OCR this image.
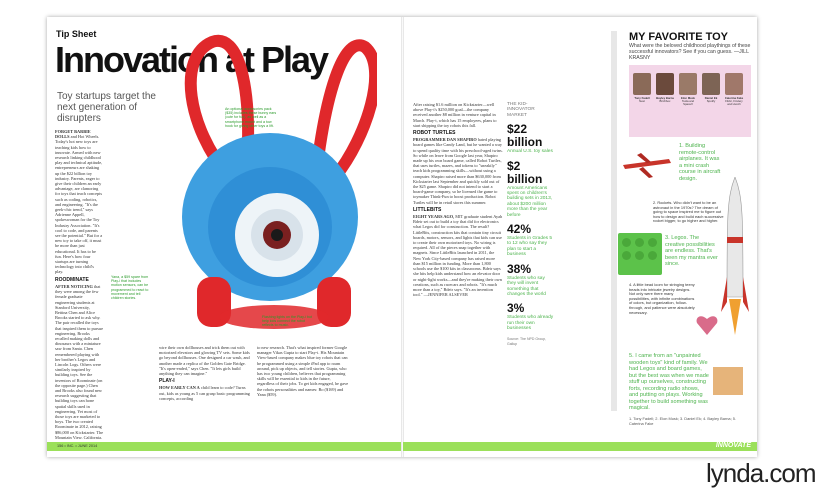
Tip Sheet
Innovation at Play
Toy startups target the next generation of disrupters
FORGET BARBIE DOLLS and Hot Wheels. Today's hot new toys are teaching kids how to innovate. Armed with new research linking childhood play and technical aptitude, entrepreneurs are shaking up the $22 billion toy industry. Parents, eager to give their children an early advantage, are clamoring for toys that teach concepts such as coding, robotics, and engineering. "It's the geek-chic trend," says Adrienne Appell, spokeswoman for the Toy Industry Association. "It's cool to code, and parents see the potential." But for a new toy to take off, it must be more than just educational. It has to be fun. Here's how four startups are turning technology into child's play.
ROODMINATE
AFTER NOTICING that they were among the few female graduate engineering students at Stanford University, Bettina Chen and Alice Brooks started to ask why. The pair recalled the toys that inspired them to pursue engineering. Brooks recalled making dolls and dinosaurs with a miniature saw from Santa. Chen remembered playing with her brother's Legos and Lincoln Logs. Others were similarly inspired by building toys. See the inventors of Roominate (on the opposite page.) Chen and Brooks also found new research suggesting that building toys can hone spatial skills used in engineering. Yet most of those toys are marketed to boys. The two created Roominate in 2012, raising $86,000 on Kickstarter. The Mountain View, California,
wire their own dollhouses and trick them out with motorized elevators and glowing TV sets. Some kids go beyond dollhouses. One designed a car wash, and another made a replica of the Golden Gate Bridge. "It's open-ended," says Chen. "It lets girls build anything they can imagine."
PLAY-I
HOW EARLY CAN A child learn to code? Turns out, kids as young as 5 can grasp basic programming concepts, according
to new research. That's what inspired former Google manager Vikas Gupta to start Play-i. His Mountain View-based company makes blue toy robots that can be programmed using a simple iPad app to roam around, pick up objects, and tell stories. Gupta, who has two young children, believes that programming skills will be essential to kids in the future, regardless of their jobs. To get kids engaged, he gave the robots personalities and names: Bo ($169) and Yana ($59).
An optional accessories pack ($35) includes these bunny ears (cute for fun), as well as a smartphone mount and a tow hook for giving other toys a lift.
Yana, a $59 spare from Play-i that includes motion sensors, can be programmed to react to movement and tell children stories.
Flashing lights on the Play-i bot help kids connect the robot reflects to music.
156 • INC. • JUNE 2014
After raising $1.6 million on Kickstarter—well above Play-i's $250,000 goal—the company received another $8 million in venture capital in March. Play-i, which has 15 employees, plans to start shipping the toy robots this fall.
ROBOT TURTLES
PROGRAMMER DAN SHAPIRO hated playing board games like Candy Land, but he wanted a way to spend quality time with his preschool-aged twins. So while on leave from Google last year, Shapiro made up his own board game, called Robot Turtles, that uses turtles, mazes, and tokens to "sneakily" teach kids programming skills—without using a computer. Shapiro raised more than $630,000 from Kickstarter last September and quickly sold out of the $25 game. Shapiro did not intend to start a board-game company, so he licensed the game to toymaker Think-Fun to boost production. Robot Turtles will be in retail stores this summer.
LITTLEBITS
EIGHT YEARS AGO, MIT graduate student Ayah Bdeir set out to build a toy that did for electronics what Legos did for construction. The result? LittleBits, construction kits that contain tiny circuit boards, motors, sensors, and lights that kids can use to create their own motorized toys. No wiring is required. All of the pieces snap together with magnets. Since LittleBits launched in 2011, the New York City-based company has raised more than $15 million in funding. More than 1,800 schools use the $100 kits in classrooms. Bdeir says she hits help kids understand how an elevator door or night-light works—and they're making their own creations, such as racecars and robots. "It's much more than a toy," Bdeir says. "It's an invention tool." —JENNIFER ALSEVER
THE KID-INNOVATOR MARKET
$22 billion
Annual U.S. toy sales
$2 billion
Amount Americans spent on children's building sets in 2013, about $200 million more than the year before
42%
Students in Grades 5 to 12 who say they plan to start a business
38%
Students who say they will invent something that changes the world
3%
Students who already run their own businesses
Source: The NPD Group, Gallup
MY FAVORITE TOY
What were the beloved childhood playthings of these successful innovators? See if you can guess. —JILL KRASNY
Tony Fadell
Nest
Bayley Barna
Birchbox
Elon Musk
Tesla and SpaceX
Daniel Ek
Spotify
Caterina Fake
Flickr, Findery and Hunch
1. Building remote-control airplanes. It was a mini crash course in aircraft design.
2. Rockets. Who didn't want to be an astronaut in the 1970s? The dream of going to space inspired me to figure out how to design and build each successive rocket bigger, to go higher and higher.
3. Legos. The creative possibilities are endless. That's been my mantra ever since.
4. A little bead loom for stringing teeny beads into intricate jewelry designs. Not only were there many possibilities, with infinite combinations of colors, but organization, follow-through, and patience were absolutely necessary.
5. I came from an "unpainted wooden toys" kind of family. We had Legos and board games, but the best was when we made stuff up ourselves, constructing forts, recording radio shows, and putting on plays. Working together to build something was magical.
1. Tony Fadell; 2. Elon Musk; 3. Daniel Ek; 4. Bayley Barna; 5. Caterina Fake
INNOVATE
lynda.com
